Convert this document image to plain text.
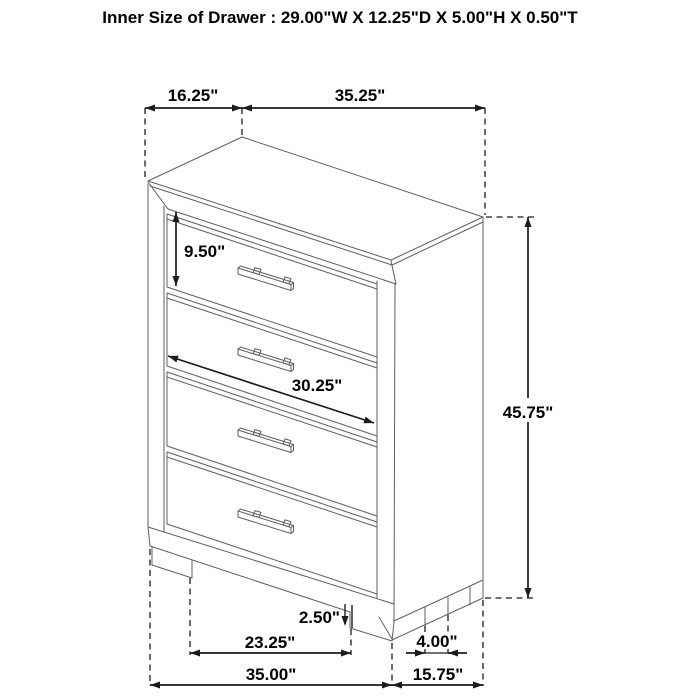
Inner Size of Drawer : 29.00"W X 12.25"D X 5.00"H X 0.50"T
16.25"	35.25"
45.75"
9.50"
30.25"
2.50"
23.25"	4.00"
35.00"	15.75"
